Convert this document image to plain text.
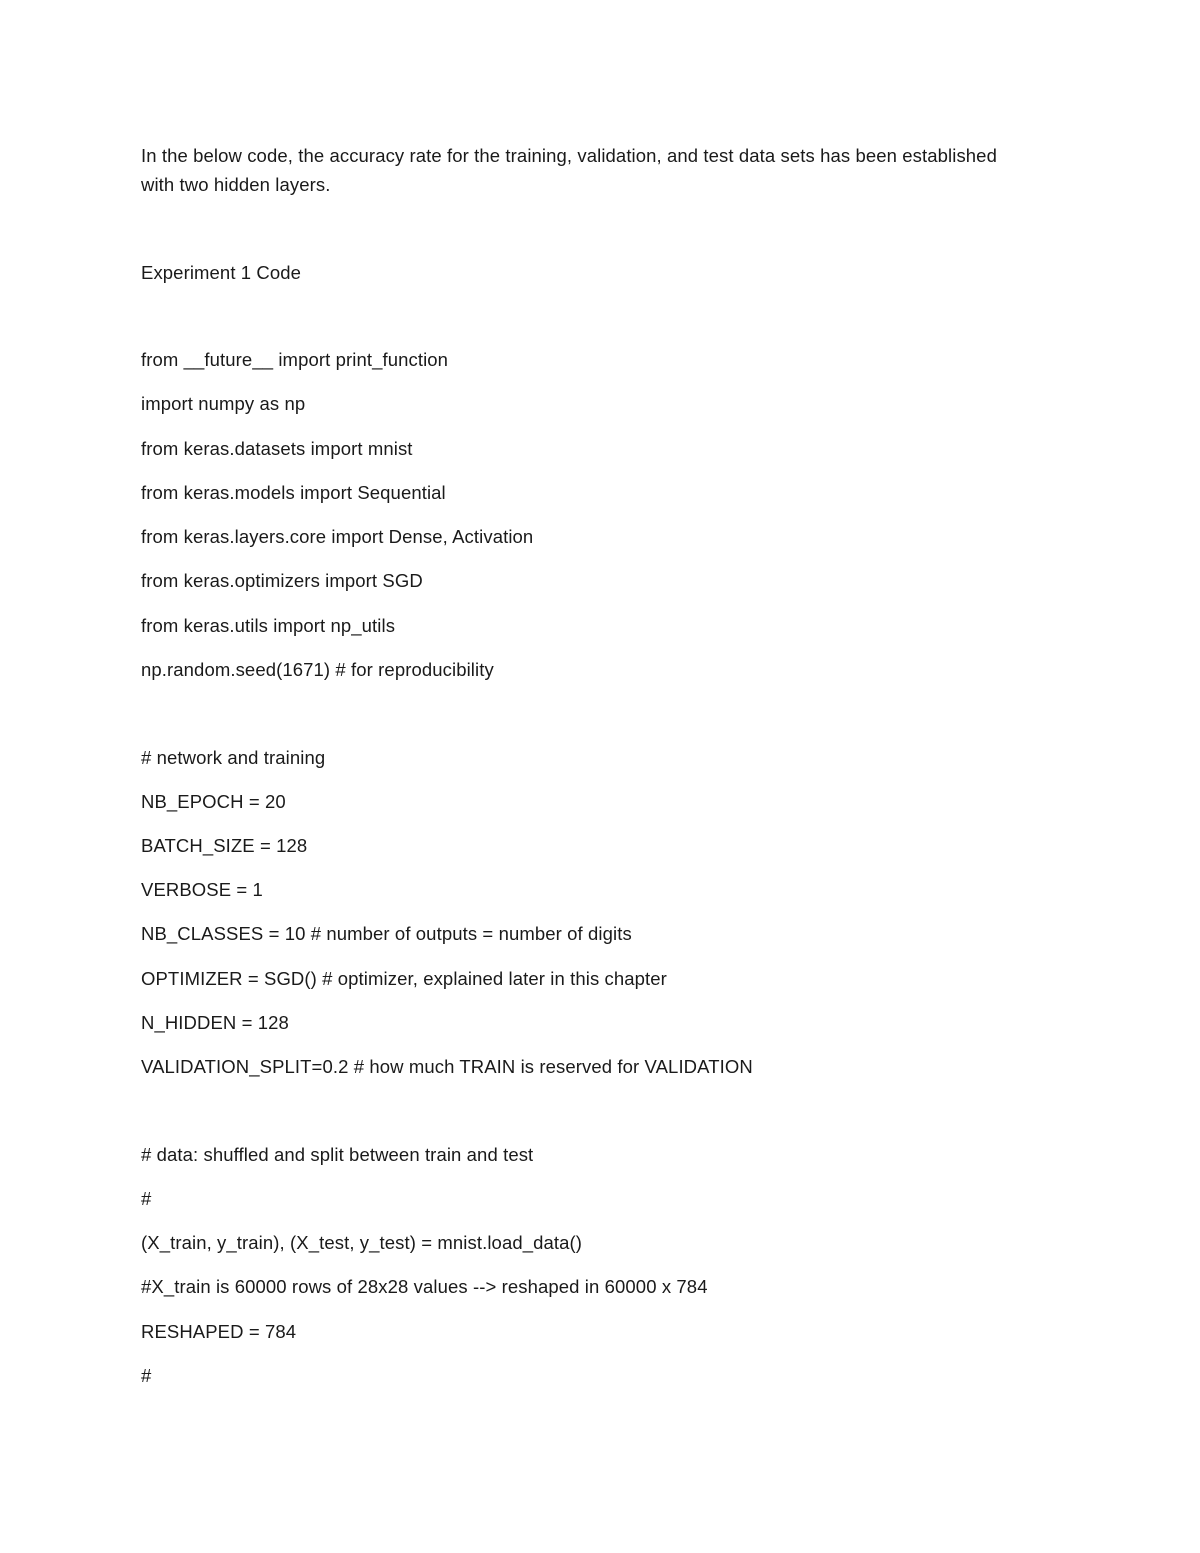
In the below code, the accuracy rate for the training, validation, and test data sets has been established
with two hidden layers.
Experiment 1 Code
from __future__ import print_function
import numpy as np
from keras.datasets import mnist
from keras.models import Sequential
from keras.layers.core import Dense, Activation
from keras.optimizers import SGD
from keras.utils import np_utils
np.random.seed(1671) # for reproducibility
# network and training
NB_EPOCH = 20
BATCH_SIZE = 128
VERBOSE = 1
NB_CLASSES = 10 # number of outputs = number of digits
OPTIMIZER = SGD() # optimizer, explained later in this chapter
N_HIDDEN = 128
VALIDATION_SPLIT=0.2 # how much TRAIN is reserved for VALIDATION
# data: shuffled and split between train and test
#
(X_train, y_train), (X_test, y_test) = mnist.load_data()
#X_train is 60000 rows of 28x28 values --> reshaped in 60000 x 784
RESHAPED = 784
#
